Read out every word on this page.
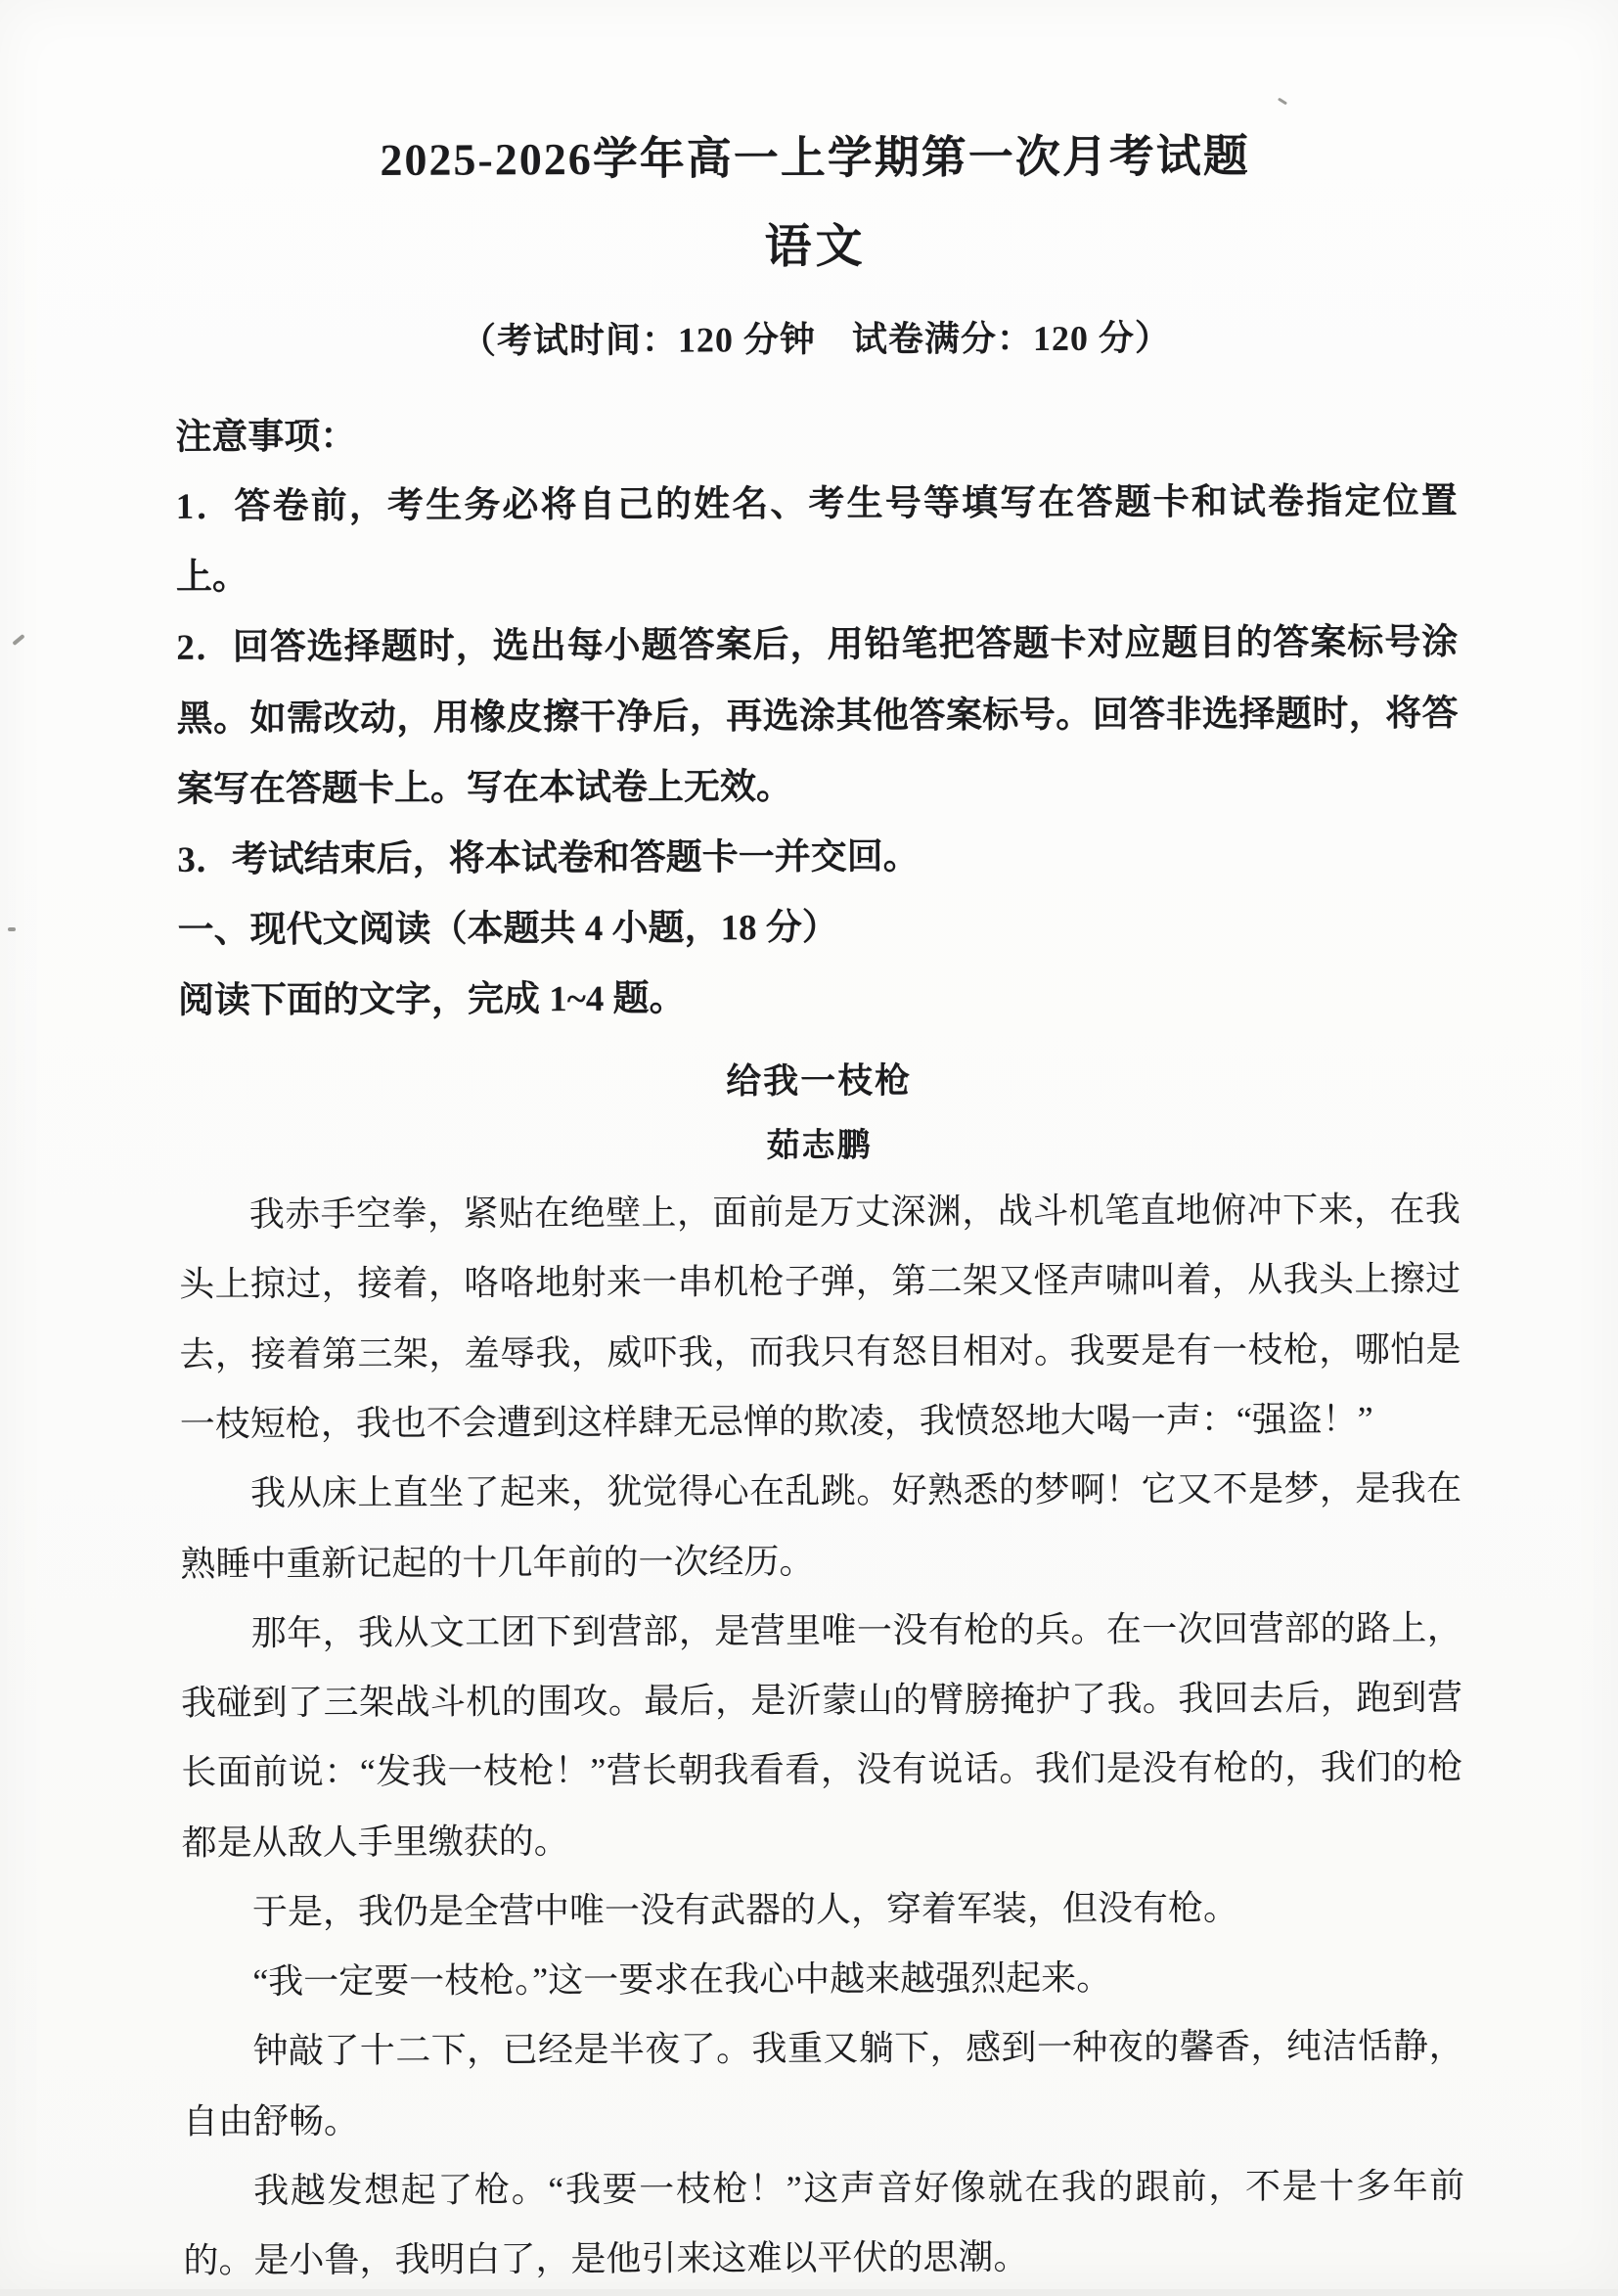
2025-2026学年高一上学期第一次月考试题
语文
（考试时间：120 分钟　试卷满分：120 分）
注意事项：

1．答卷前，考生务必将自己的姓名、考生号等填写在答题卡和试卷指定位置上。

2．回答选择题时，选出每小题答案后，用铅笔把答题卡对应题目的答案标号涂黑。如需改动，用橡皮擦干净后，再选涂其他答案标号。回答非选择题时，将答案写在答题卡上。写在本试卷上无效。

3．考试结束后，将本试卷和答题卡一并交回。

一、现代文阅读（本题共 4 小题，18 分）
阅读下面的文字，完成 1~4 题。
给我一枝枪
茹志鹏

我赤手空拳，紧贴在绝壁上，面前是万丈深渊，战斗机笔直地俯冲下来，在我头上掠过，接着，咯咯地射来一串机枪子弹，第二架又怪声啸叫着，从我头上擦过去，接着第三架，羞辱我，威吓我，而我只有怒目相对。我要是有一枝枪，哪怕是一枝短枪，我也不会遭到这样肆无忌惮的欺凌，我愤怒地大喝一声：“强盗！”

我从床上直坐了起来，犹觉得心在乱跳。好熟悉的梦啊！它又不是梦，是我在熟睡中重新记起的十几年前的一次经历。

那年，我从文工团下到营部，是营里唯一没有枪的兵。在一次回营部的路上，我碰到了三架战斗机的围攻。最后，是沂蒙山的臂膀掩护了我。我回去后，跑到营长面前说：“发我一枝枪！”营长朝我看看，没有说话。我们是没有枪的，我们的枪都是从敌人手里缴获的。

于是，我仍是全营中唯一没有武器的人，穿着军装，但没有枪。

“我一定要一枝枪。”这一要求在我心中越来越强烈起来。

钟敲了十二下，已经是半夜了。我重又躺下，感到一种夜的馨香，纯洁恬静，自由舒畅。

我越发想起了枪。“我要一枝枪！”这声音好像就在我的跟前，不是十多年前的。是小鲁，我明白了，是他引来这难以平伏的思潮。
